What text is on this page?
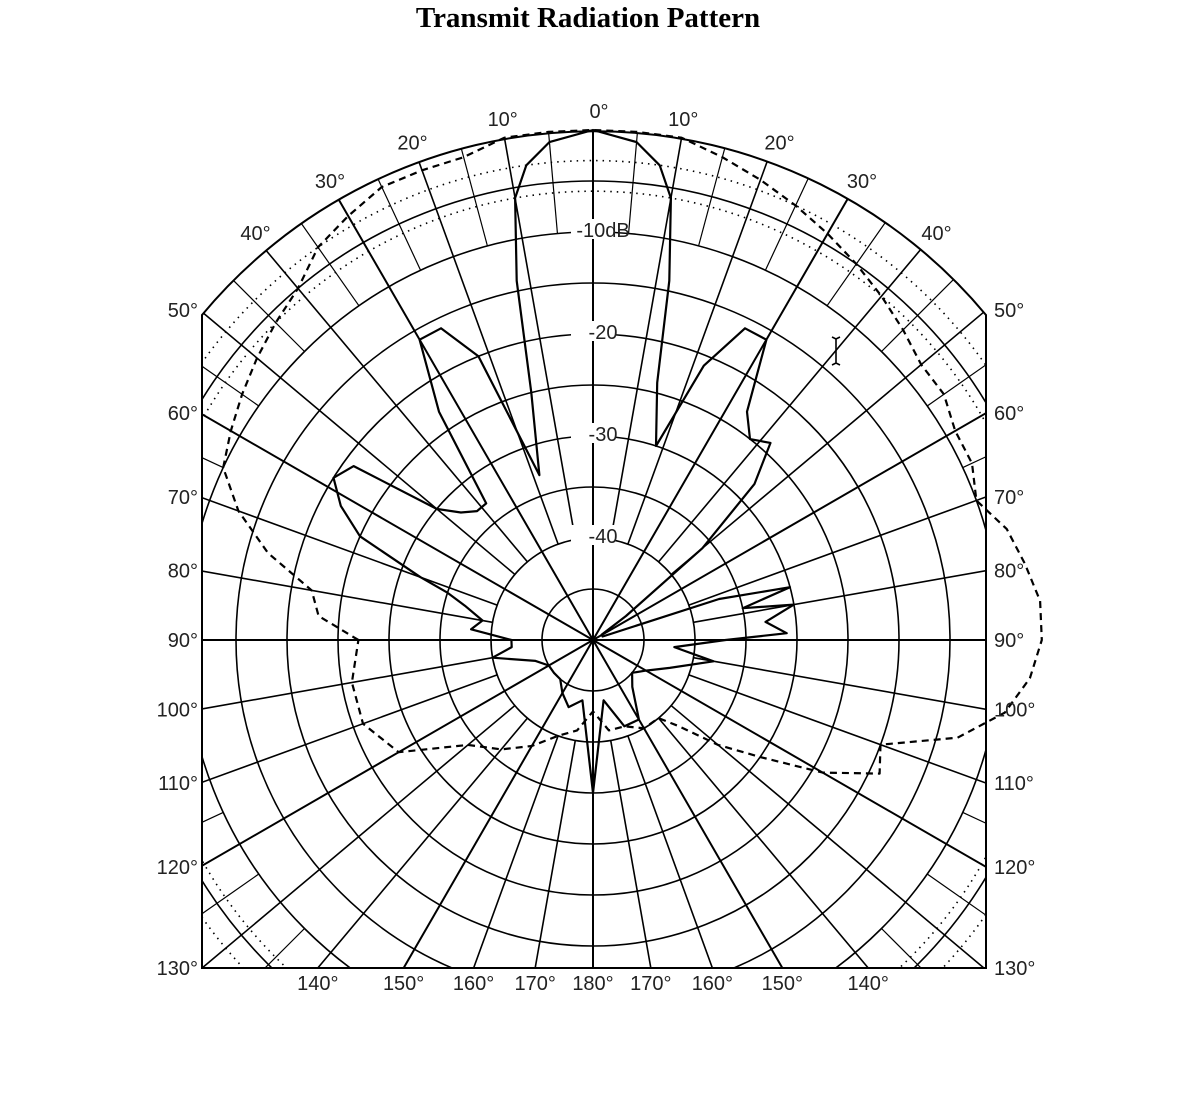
Transmit Radiation Pattern
-10dB
-20
-30
-40
10°	0°	10°
40°
30°
20°	20°
30°
40°
50°
60°
70°
80°
90°
100°
110°
120°
130°
50°
60°
70°
80°
90°
100°
110°
120°
130°
140° 150° 160° 170° 180° 170° 160° 150° 140°
